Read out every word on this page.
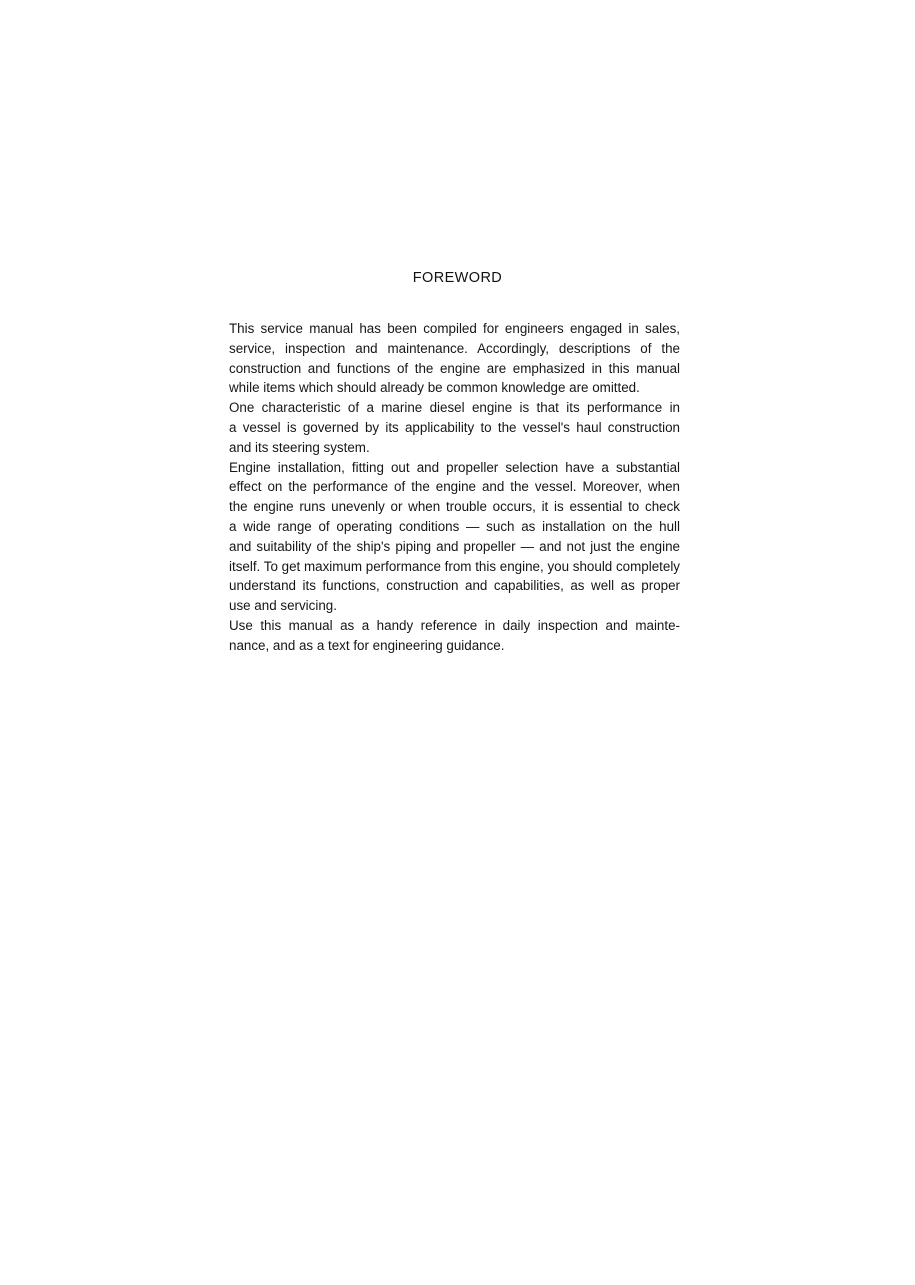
FOREWORD

This service manual has been compiled for engineers engaged in sales,
service, inspection and maintenance. Accordingly, descriptions of the
construction and functions of the engine are emphasized in this manual
while items which should already be common knowledge are omitted.

One characteristic of a marine diesel engine is that its performance in
a vessel is governed by its applicability to the vessel's haul construction
and its steering system.

Engine installation, fitting out and propeller selection have a substantial
effect on the performance of the engine and the vessel. Moreover, when
the engine runs unevenly or when trouble occurs, it is essential to check
a wide range of operating conditions — such as installation on the hull
and suitability of the ship's piping and propeller — and not just the engine
itself. To get maximum performance from this engine, you should completely
understand its functions, construction and capabilities, as well as proper
use and servicing.

Use this manual as a handy reference in daily inspection and mainte-
nance, and as a text for engineering guidance.
